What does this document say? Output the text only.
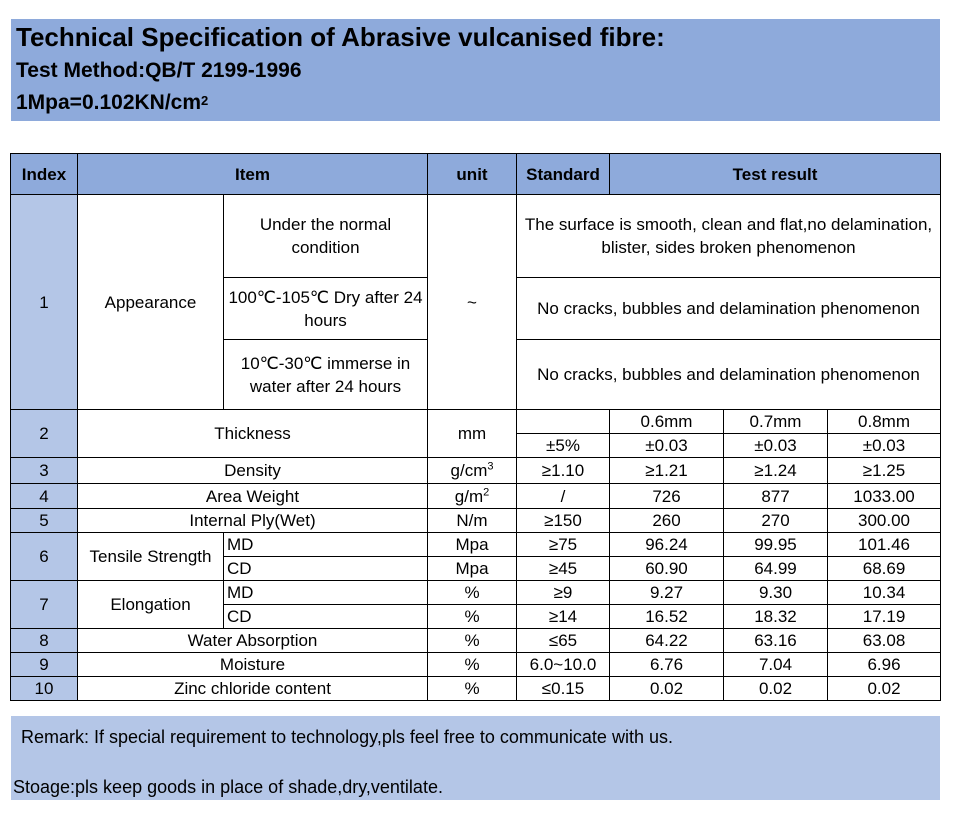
Technical Specification of Abrasive vulcanised fibre:
Test Method:QB/T 2199-1996
$1Mpa=0.102KN/cm^2$
Index	Item		unit	Standard	Test result		
1	Appearance	Under the normal condition	~	The surface is smooth, clean and flat,no delamination, blister, sides broken phenomenon			
		100℃-105℃ Dry after 24 hours		No cracks, bubbles and delamination phenomenon			
		10℃-30℃ immerse in water after 24 hours		No cracks, bubbles and delamination phenomenon			
2	Thickness		mm		0.6mm	0.7mm	0.8mm
				±5%	±0.03	±0.03	±0.03
3	Density		$g/cm^3$	≥1.10	≥1.21	≥1.24	≥1.25
4	Area Weight		$g/m^2$	/	726	877	1033.00
5	Internal Ply(Wet)		N/m	≥150	260	270	300.00
6	Tensile Strength	MD	Mpa	≥75	96.24	99.95	101.46
		CD	Mpa	≥45	60.90	64.99	68.69
7	Elongation	MD	%	≥9	9.27	9.30	10.34
		CD	%	≥14	16.52	18.32	17.19
8	Water Absorption		%	≤65	64.22	63.16	63.08
9	Moisture		%	6.0~10.0	6.76	7.04	6.96
10	Zinc chloride content		%	≤0.15	0.02	0.02	0.02
Remark: If special requirement to technology,pls feel free to communicate with us.
Stoage:pls keep goods in place of shade,dry,ventilate.
